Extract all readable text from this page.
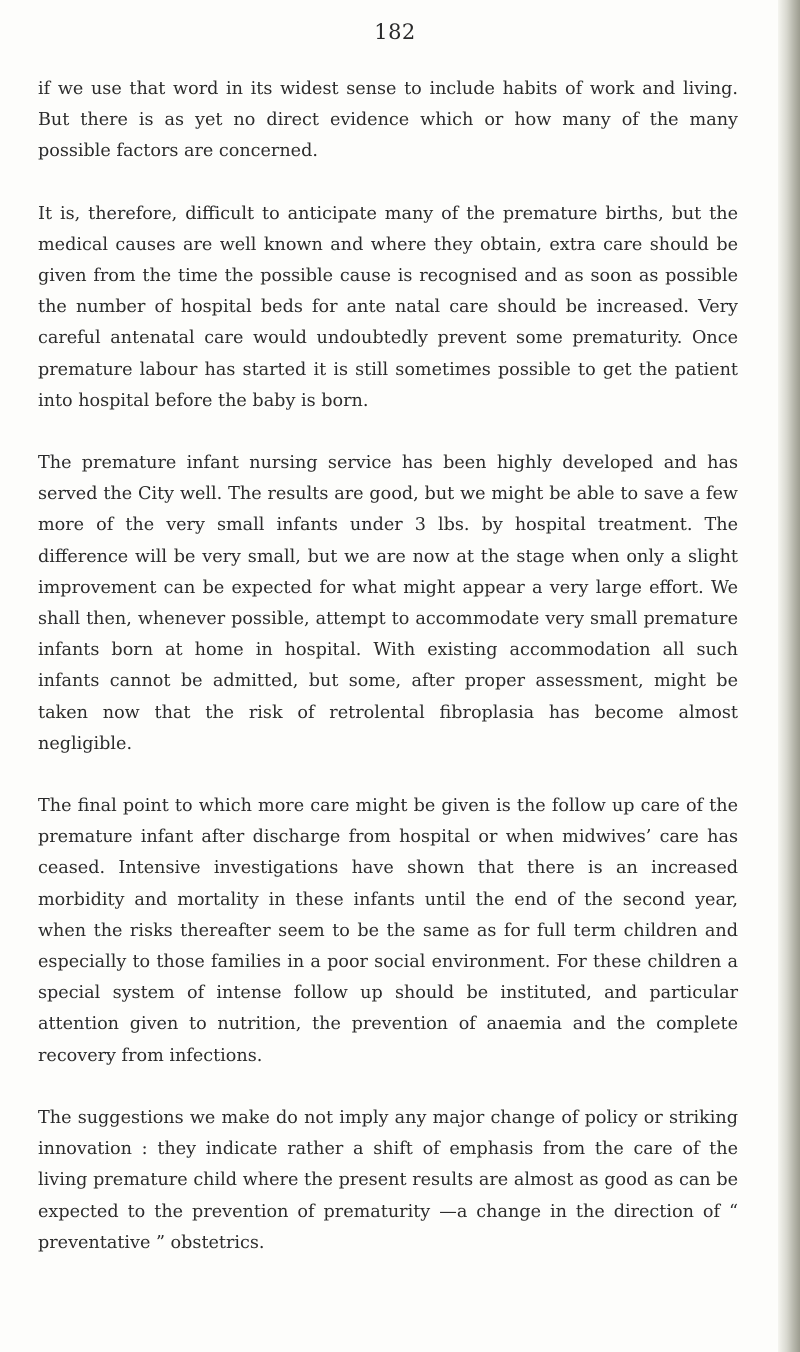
182

if we use that word in its widest sense to include habits of work and living. But there is as yet no direct evidence which or how many of the many possible factors are concerned.

It is, therefore, difficult to anticipate many of the premature births, but the medical causes are well known and where they obtain, extra care should be given from the time the possible cause is recognised and as soon as possible the number of hospital beds for ante natal care should be increased. Very careful antenatal care would undoubtedly prevent some prematurity. Once premature labour has started it is still sometimes possible to get the patient into hospital before the baby is born.

The premature infant nursing service has been highly developed and has served the City well. The results are good, but we might be able to save a few more of the very small infants under 3 lbs. by hospital treatment. The difference will be very small, but we are now at the stage when only a slight improvement can be expected for what might appear a very large effort. We shall then, whenever possible, attempt to accommodate very small premature infants born at home in hospital. With existing accommodation all such infants cannot be admitted, but some, after proper assessment, might be taken now that the risk of retrolental fibroplasia has become almost negligible.

The final point to which more care might be given is the follow up care of the premature infant after discharge from hospital or when midwives’ care has ceased. Intensive investigations have shown that there is an increased morbidity and mortality in these infants until the end of the second year, when the risks thereafter seem to be the same as for full term children and especially to those families in a poor social environment. For these children a special system of intense follow up should be instituted, and particular attention given to nutrition, the prevention of anaemia and the complete recovery from infections.

The suggestions we make do not imply any major change of policy or striking innovation : they indicate rather a shift of emphasis from the care of the living premature child where the present results are almost as good as can be expected to the prevention of prematurity —a change in the direction of “ preventative ” obstetrics.
